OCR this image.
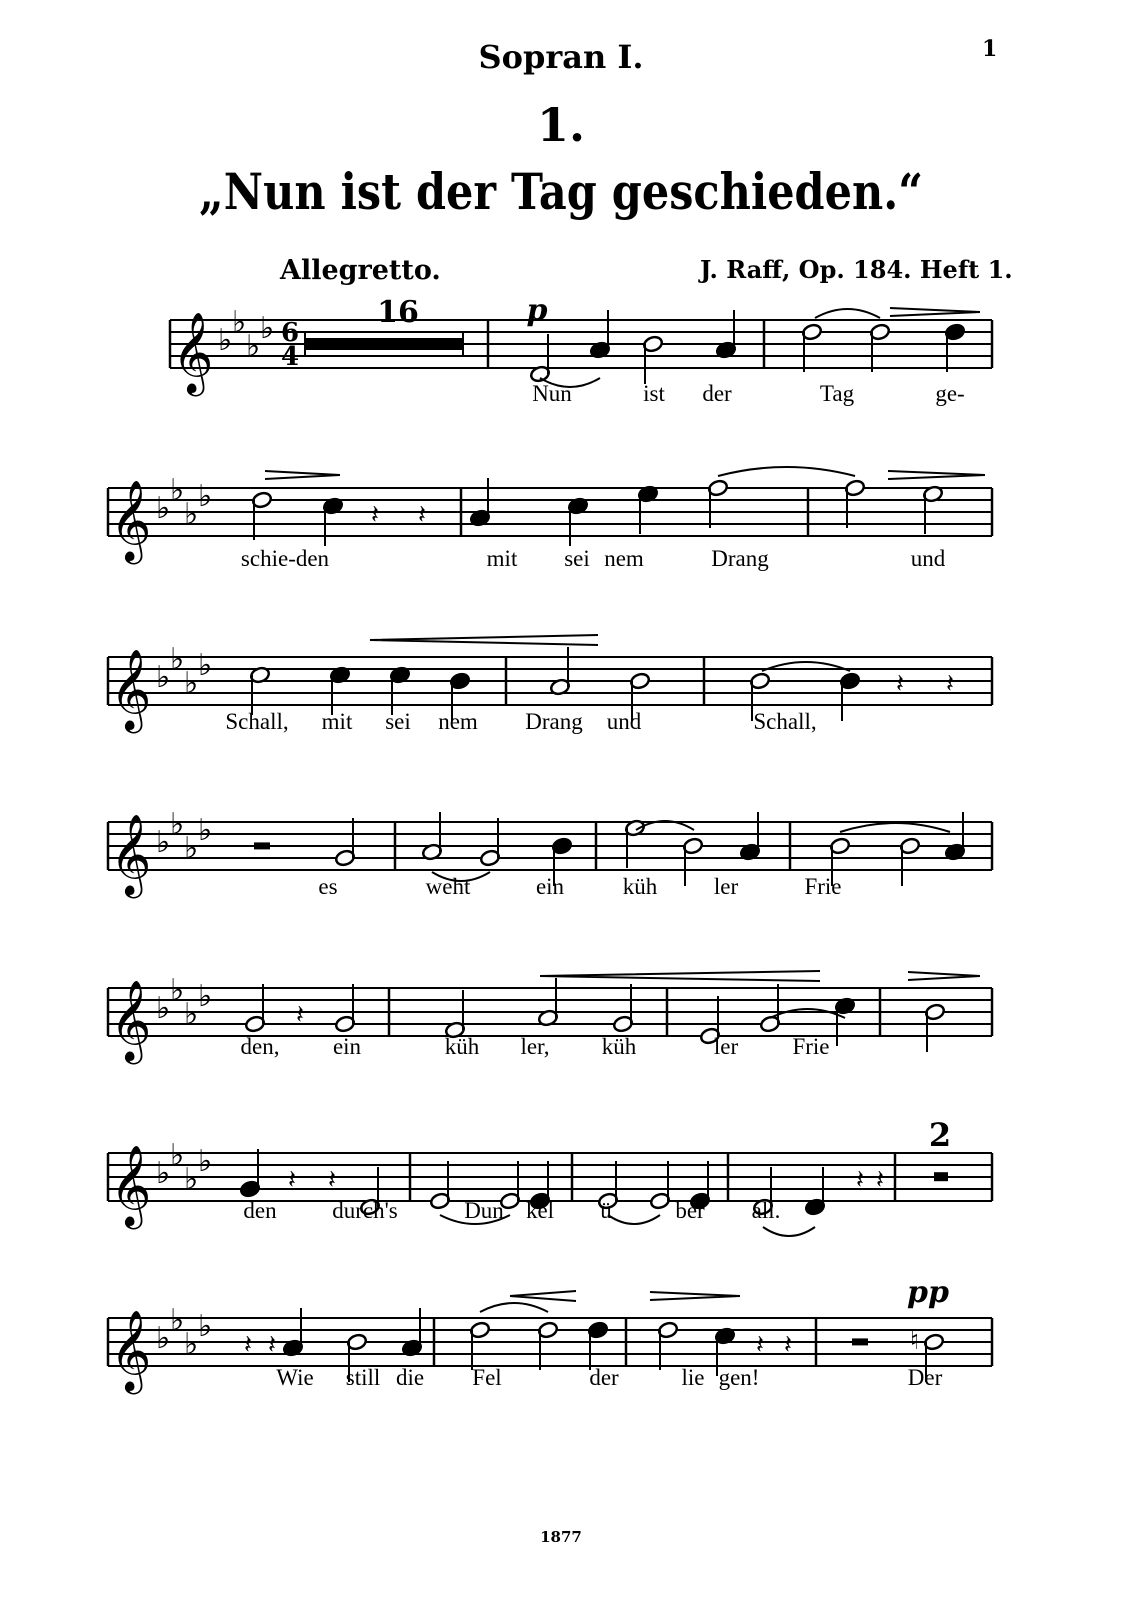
Sopran I.	1
1.
„Nun ist der Tag geschieden.“
Allegretto.	J. Raff, Op. 184. Heft 1.
𝄞 ♭
♭
♭
♭
𝄞 ♭
♭
♭
♭
𝄞 ♭
♭
♭
♭
𝄞 ♭
♭
♭
♭
𝄞 ♭
♭
♭
♭
𝄞 ♭
♭
♭
♭
𝄞 ♭
♭
♭
♭
6
4
𝄽 𝄽
𝄽 𝄽
𝄽
𝄽 𝄽	𝄽 𝄽
𝄽 𝄽	𝄽 𝄽	♮
16	p
2
pp
Nun	ist der	Tag	ge-
schie-den	mit sei nem	Drang	und
Schall, mit sei nem Drang und	Schall,
es	weht	ein	küh ler	Frie
den, ein	küh ler, küh	ler Frie
den durch's	Dun kel ü	ber all.
Wie still die Fel	der	lie gen!	Der
1877
